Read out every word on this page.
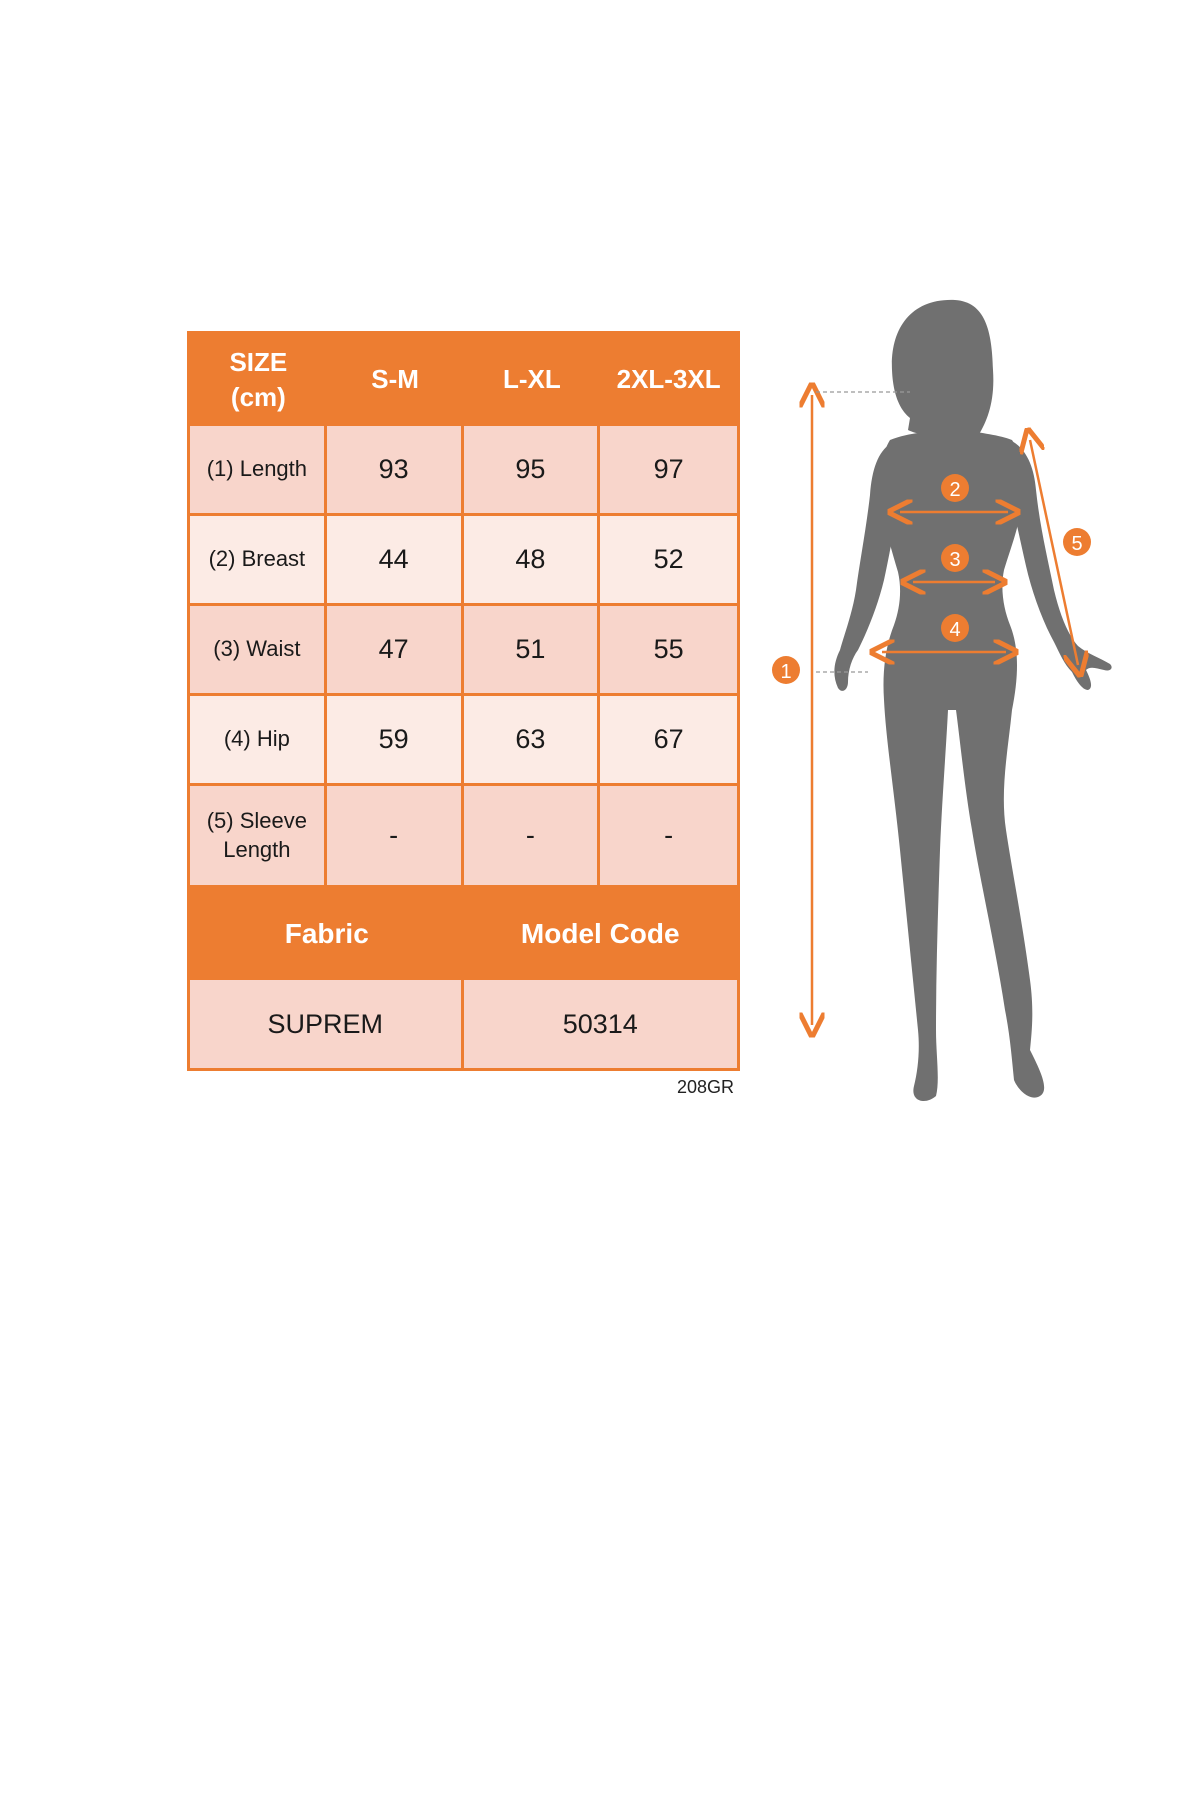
SIZE
(cm)
S-M	L-XL	2XL-3XL
(1) Length	93	95	97
(2) Breast	44	48	52
(3) Waist	47	51	55
(4) Hip	59	63	67
(5) Sleeve
Length	-	-	-
Fabric	Model Code
SUPREM	50314
208GR
1
2
3
4
5
